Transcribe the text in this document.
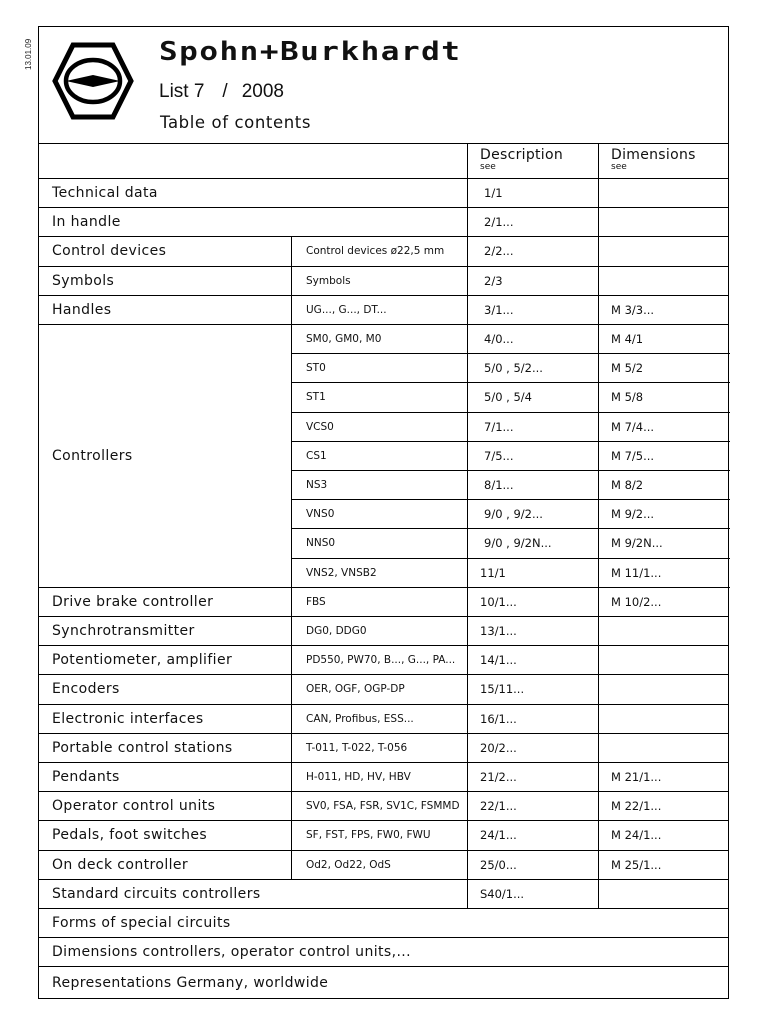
13.01.09	Spohn+Burkhardt
List 7 / 2008
Table of contents
Description
see
Dimensions
see
Technical data	1/1
In handle	2/1...
Control devices	Control devices ø22,5 mm	2/2...
Symbols	Symbols	2/3
Handles	UG..., G..., DT...	3/1...	M 3/3...
Controllers
SM0, GM0, M0	4/0...	M 4/1
ST0	5/0 , 5/2...	M 5/2
ST1	5/0 , 5/4	M 5/8
VCS0	7/1...	M 7/4...
CS1	7/5...	M 7/5...
NS3	8/1...	M 8/2
VNS0	9/0 , 9/2...	M 9/2...
NNS0	9/0 , 9/2N...	M 9/2N...
VNS2, VNSB2	11/1	M 11/1...
Drive brake controller	FBS	10/1...	M 10/2...
Synchrotransmitter	DG0, DDG0	13/1...
Potentiometer, amplifier	PD550, PW70, B..., G..., PA...	14/1...
Encoders	OER, OGF, OGP-DP	15/11...
Electronic interfaces	CAN, Profibus, ESS...	16/1...
Portable control stations	T-011, T-022, T-056	20/2...
Pendants	H-011, HD, HV, HBV	21/2...	M 21/1...
Operator control units	SV0, FSA, FSR, SV1C, FSMMD	22/1...	M 22/1...
Pedals, foot switches	SF, FST, FPS, FW0, FWU	24/1...	M 24/1...
On deck controller	Od2, Od22, OdS	25/0...	M 25/1...
Standard circuits controllers	S40/1...
Forms of special circuits
Dimensions controllers, operator control units,...
Representations Germany, worldwide
